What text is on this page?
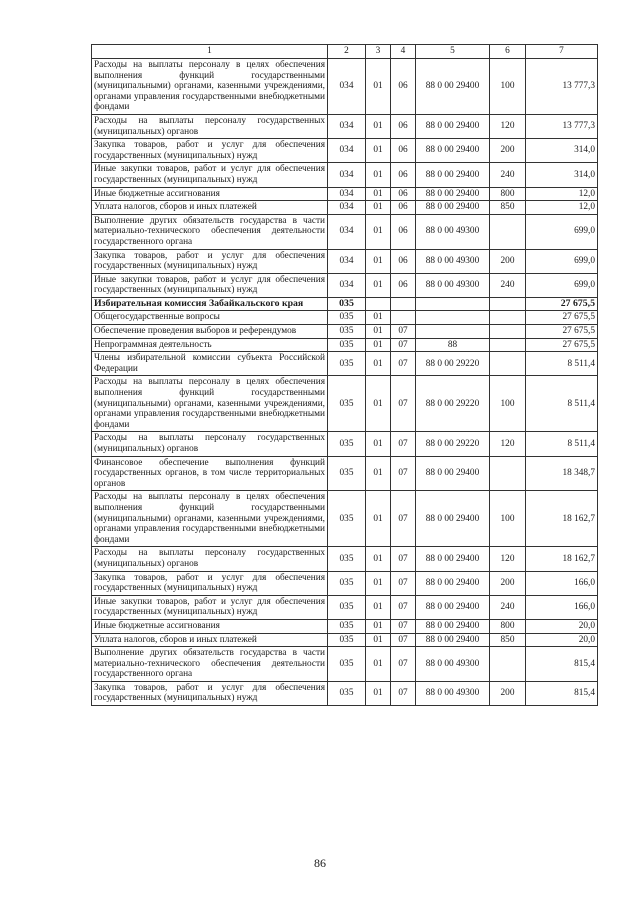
1	2	3	4	5	6	7
Расходы на выплаты персоналу в целях обеспечения выполнения функций государственными (муниципальными) органами, казенными учреждениями, органами управления государственными внебюджетными фондами	034	01	06	88 0 00 29400	100	13 777,3
Расходы на выплаты персоналу государственных (муниципальных) органов	034	01	06	88 0 00 29400	120	13 777,3
Закупка товаров, работ и услуг для обеспечения государственных (муниципальных) нужд	034	01	06	88 0 00 29400	200	314,0
Иные закупки товаров, работ и услуг для обеспечения государственных (муниципальных) нужд	034	01	06	88 0 00 29400	240	314,0
Иные бюджетные ассигнования	034	01	06	88 0 00 29400	800	12,0
Уплата налогов, сборов и иных платежей	034	01	06	88 0 00 29400	850	12,0
Выполнение других обязательств государства в части материально-технического обеспечения деятельности государственного органа	034	01	06	88 0 00 49300		699,0
Закупка товаров, работ и услуг для обеспечения государственных (муниципальных) нужд	034	01	06	88 0 00 49300	200	699,0
Иные закупки товаров, работ и услуг для обеспечения государственных (муниципальных) нужд	034	01	06	88 0 00 49300	240	699,0
Избирательная комиссия Забайкальского края	035					27 675,5
Общегосударственные вопросы	035	01				27 675,5
Обеспечение проведения выборов и референдумов	035	01	07			27 675,5
Непрограммная деятельность	035	01	07	88		27 675,5
Члены избирательной комиссии субъекта Российской Федерации	035	01	07	88 0 00 29220		8 511,4
Расходы на выплаты персоналу в целях обеспечения выполнения функций государственными (муниципальными) органами, казенными учреждениями, органами управления государственными внебюджетными фондами	035	01	07	88 0 00 29220	100	8 511,4
Расходы на выплаты персоналу государственных (муниципальных) органов	035	01	07	88 0 00 29220	120	8 511,4
Финансовое обеспечение выполнения функций государственных органов, в том числе территориальных органов	035	01	07	88 0 00 29400		18 348,7
Расходы на выплаты персоналу в целях обеспечения выполнения функций государственными (муниципальными) органами, казенными учреждениями, органами управления государственными внебюджетными фондами	035	01	07	88 0 00 29400	100	18 162,7
Расходы на выплаты персоналу государственных (муниципальных) органов	035	01	07	88 0 00 29400	120	18 162,7
Закупка товаров, работ и услуг для обеспечения государственных (муниципальных) нужд	035	01	07	88 0 00 29400	200	166,0
Иные закупки товаров, работ и услуг для обеспечения государственных (муниципальных) нужд	035	01	07	88 0 00 29400	240	166,0
Иные бюджетные ассигнования	035	01	07	88 0 00 29400	800	20,0
Уплата налогов, сборов и иных платежей	035	01	07	88 0 00 29400	850	20,0
Выполнение других обязательств государства в части материально-технического обеспечения деятельности государственного органа	035	01	07	88 0 00 49300		815,4
Закупка товаров, работ и услуг для обеспечения государственных (муниципальных) нужд	035	01	07	88 0 00 49300	200	815,4
86
